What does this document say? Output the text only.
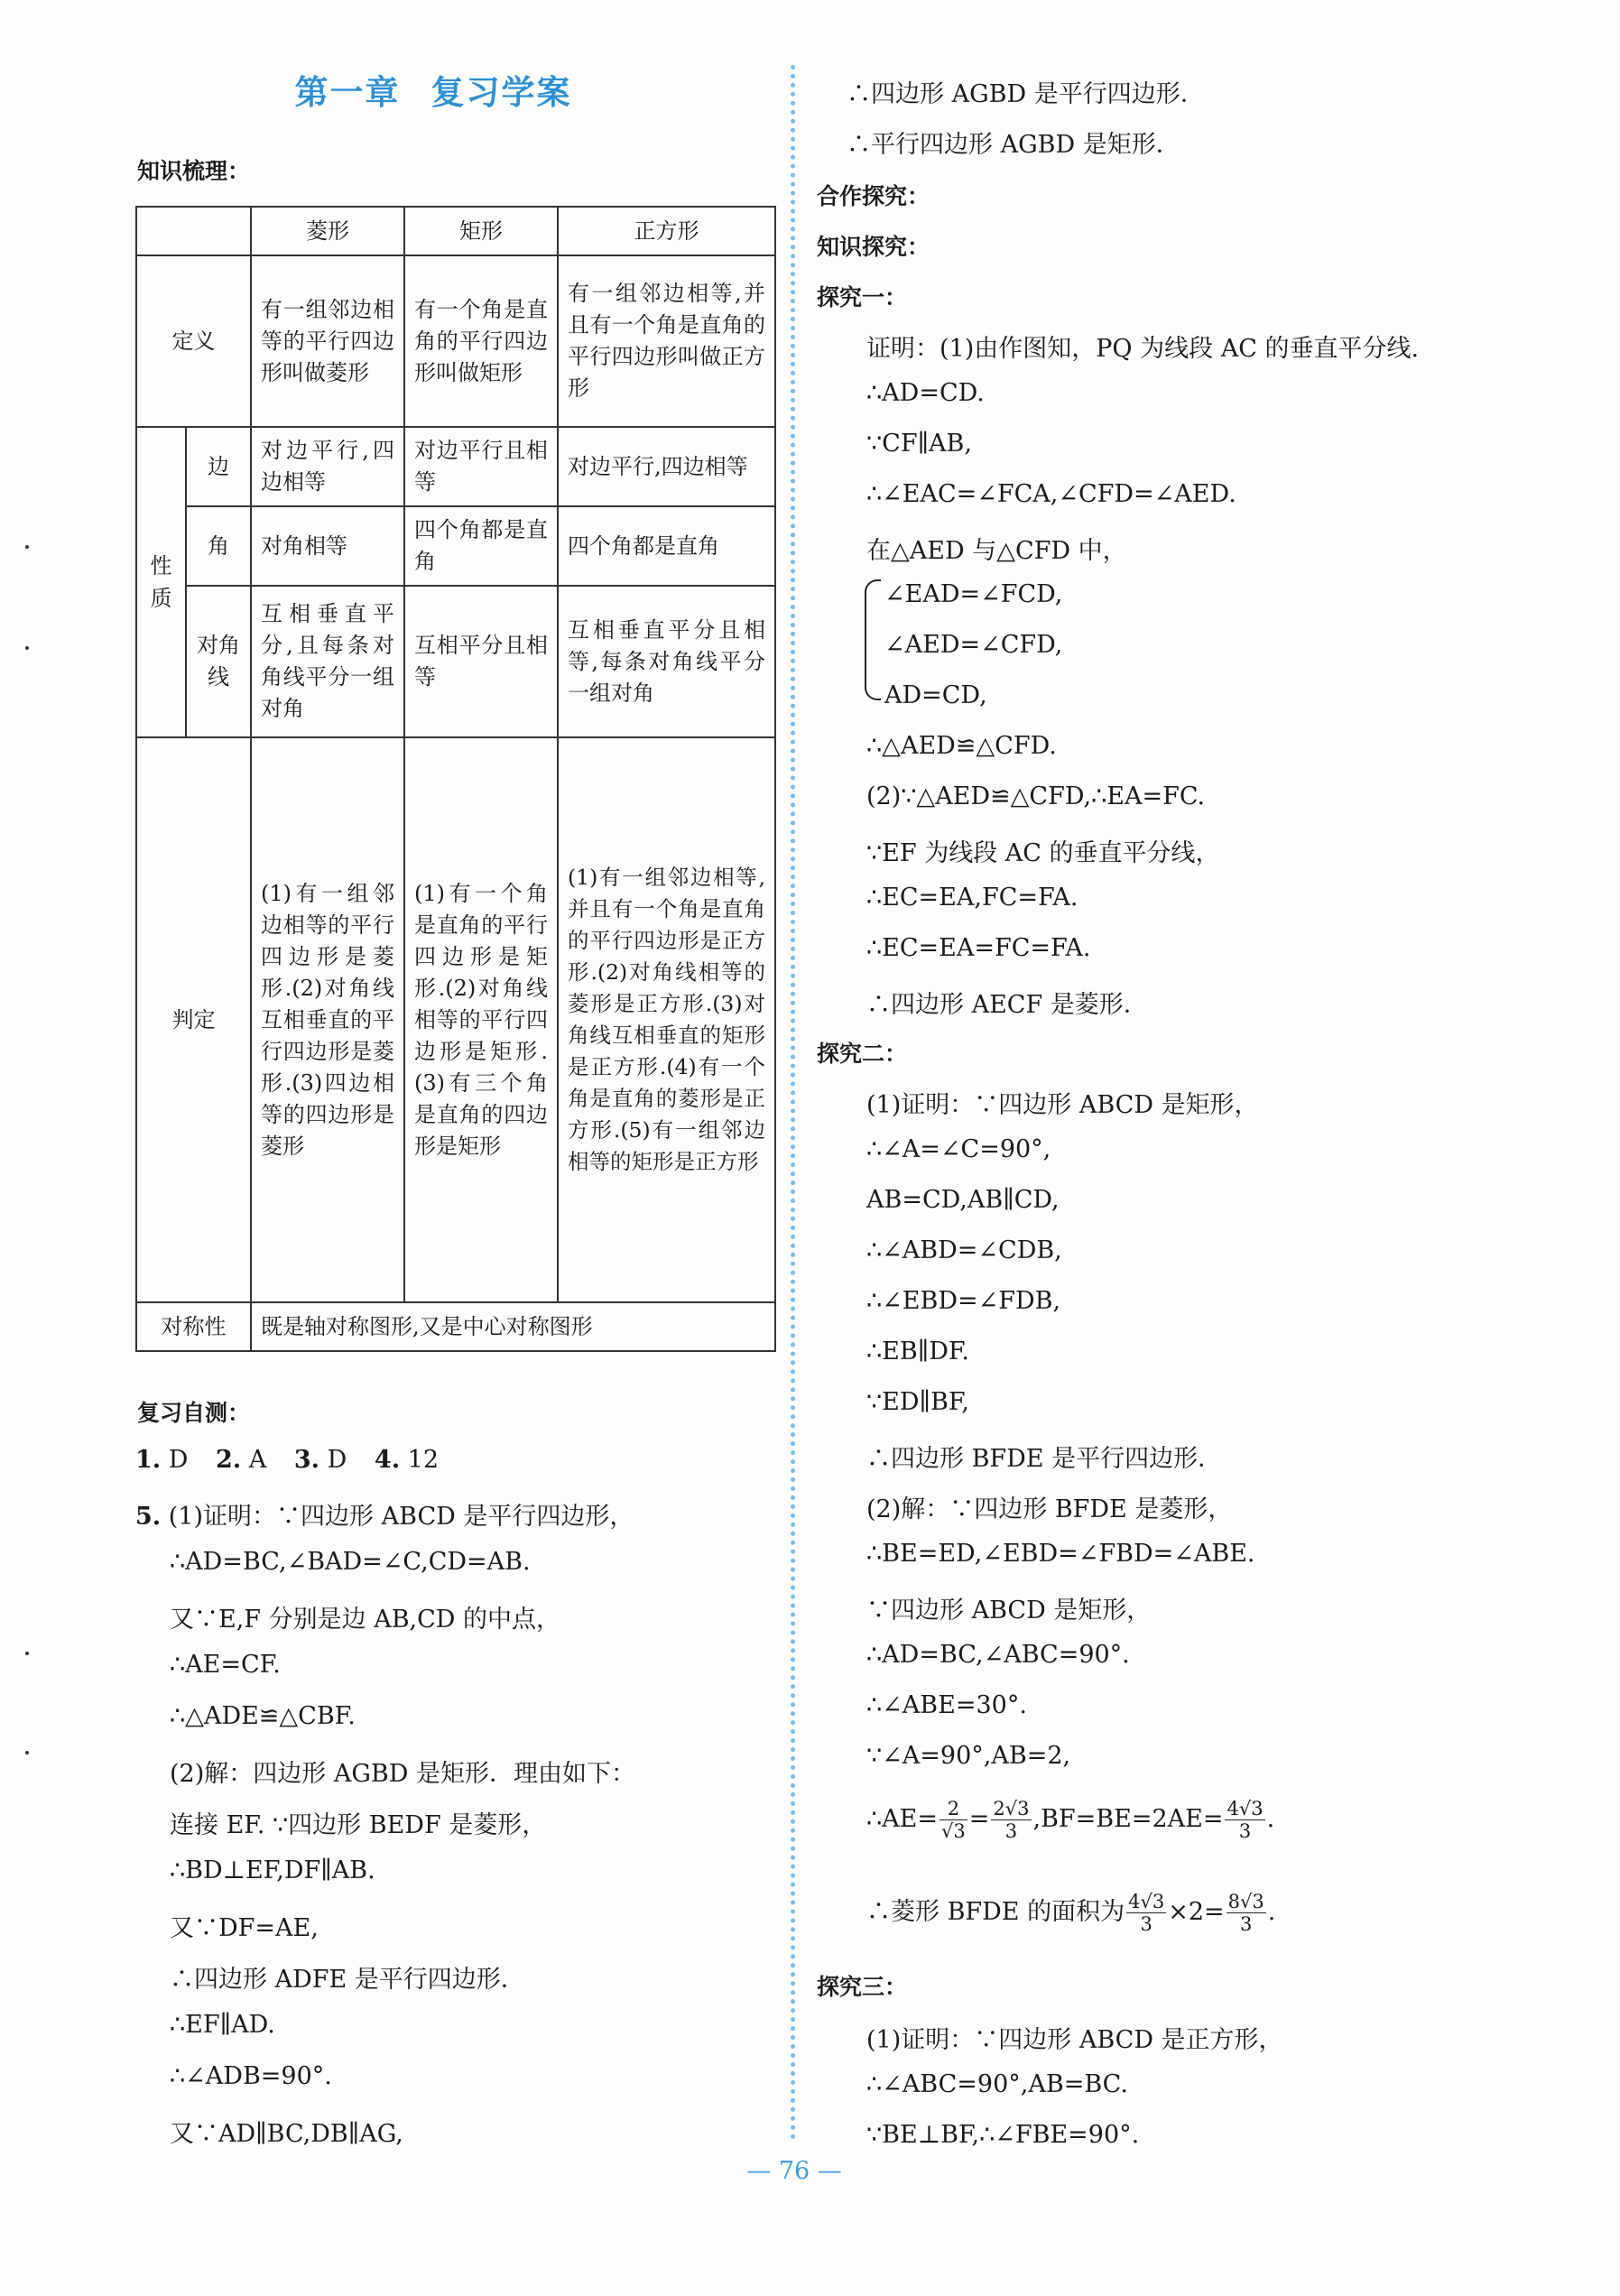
第一章 复习学案
知识梳理：
		菱形	矩形	正方形
定义		有一组邻边相等的平行四边形叫做菱形	有一个角是直角的平行四边形叫做矩形	有一组邻边相等,并且有一个角是直角的平行四边形叫做正方形
性质	边	对边平行,四边相等	对边平行且相等	对边平行,四边相等
	角	对角相等	四个角都是直角	四个角都是直角
	对角线	互相垂直平分,且每条对角线平分一组对角	互相平分且相等	互相垂直平分且相等,每条对角线平分一组对角
判定		(1)有一组邻边相等的平行四边形是菱形.(2)对角线互相垂直的平行四边形是菱形.(3)四边相等的四边形是菱形	(1)有一个角是直角的平行四边形是矩形.(2)对角线相等的平行四边形是矩形.(3)有三个角是直角的四边形是矩形	(1)有一组邻边相等,并且有一个角是直角的平行四边形是正方形.(2)对角线相等的菱形是正方形.(3)对角线互相垂直的矩形是正方形.(4)有一个角是直角的菱形是正方形.(5)有一组邻边相等的矩形是正方形
对称性		既是轴对称图形,又是中心对称图形		
复习自测：
1. D 2. A 3. D 4. 12
5. (1)证明：∵四边形 ABCD 是平行四边形，
∴AD=BC,∠BAD=∠C,CD=AB.
又∵E,F 分别是边 AB,CD 的中点，
∴AE=CF.
∴△ADE≌△CBF.
(2)解：四边形 AGBD 是矩形．理由如下：
连接 EF. ∵四边形 BEDF 是菱形，
∴BD⊥EF,DF∥AB.
又∵DF=AE,
∴四边形 ADFE 是平行四边形．
∴EF∥AD.
∴∠ADB=90°.
又∵AD∥BC,DB∥AG,
∴四边形 AGBD 是平行四边形．
∴平行四边形 AGBD 是矩形．
合作探究：
知识探究：
探究一：
证明：(1)由作图知，PQ 为线段 AC 的垂直平分线.
∴AD=CD.
∵CF∥AB,
∴∠EAC=∠FCA,∠CFD=∠AED.
在△AED 与△CFD 中，
∠EAD=∠FCD,
∠AED=∠CFD,
AD=CD,
∴△AED≌△CFD.
(2)∵△AED≌△CFD,∴EA=FC.
∵EF 为线段 AC 的垂直平分线，
∴EC=EA,FC=FA.
∴EC=EA=FC=FA.
∴四边形 AECF 是菱形．
探究二：
(1)证明：∵四边形 ABCD 是矩形，
∴∠A=∠C=90°,
AB=CD,AB∥CD,
∴∠ABD=∠CDB,
∴∠EBD=∠FDB,
∴EB∥DF.
∵ED∥BF,
∴四边形 BFDE 是平行四边形．
(2)解：∵四边形 BFDE 是菱形，
∴BE=ED,∠EBD=∠FBD=∠ABE.
∵四边形 ABCD 是矩形，
∴AD=BC,∠ABC=90°.
∴∠ABE=30°.
∵∠A=90°,AB=2,
∴AE= $\frac{2}{√3} = \frac{2√3}{3} ,BF=BE=2AE= \frac{4√3}{3}$ .
∴菱形 BFDE 的面积为 $\frac{4√3}{3} \times 2= \frac{8√3}{3}$ .
探究三：
(1)证明：∵四边形 ABCD 是正方形，
∴∠ABC=90°,AB=BC.
∵BE⊥BF,∴∠FBE=90°.
— 76 —
